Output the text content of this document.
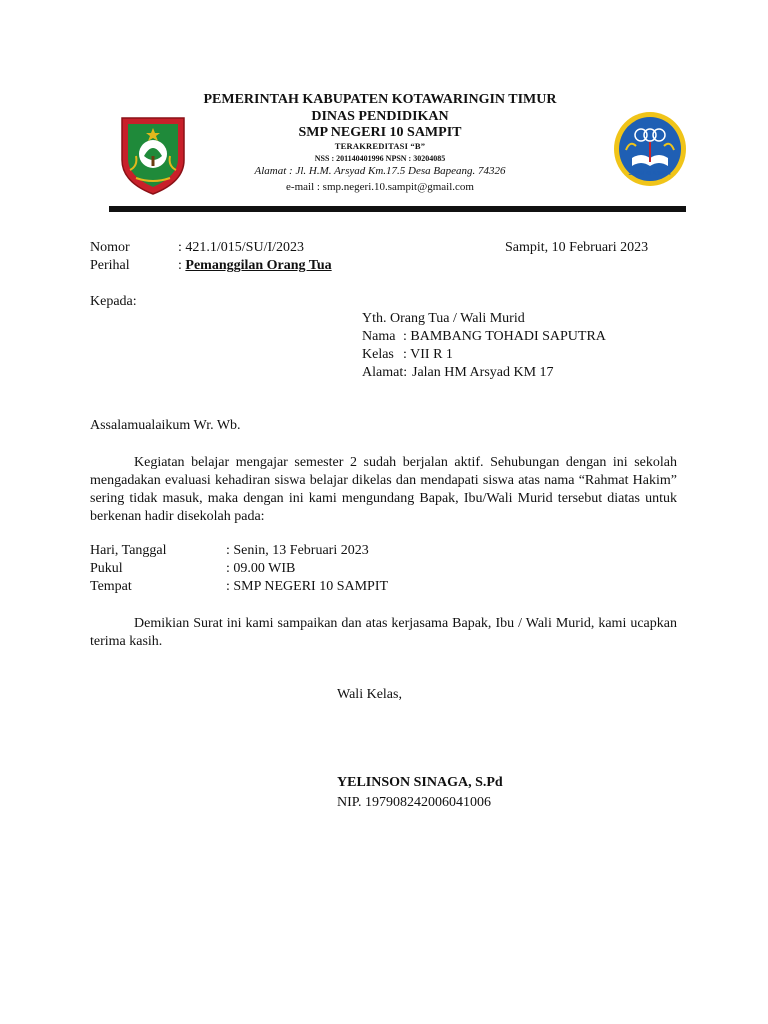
SMP N 10 SAMPIT
PEMERINTAH KABUPATEN KOTAWARINGIN TIMUR
DINAS PENDIDIKAN
SMP NEGERI 10 SAMPIT
TERAKREDITASI “B”
NSS : 201140401996 NPSN : 30204085
Alamat : Jl. H.M. Arsyad Km.17.5 Desa Bapeang. 74326
e-mail : smp.negeri.10.sampit@gmail.com
Nomor	: 421.1/015/SU/I/2023	Sampit, 10 Februari 2023
Perihal	: Pemanggilan Orang Tua
Kepada:
Yth. Orang Tua / Wali Murid
Nama : BAMBANG TOHADI SAPUTRA
Kelas : VII R 1
Alamat: Jalan HM Arsyad KM 17
Assalamualaikum Wr. Wb.
Kegiatan belajar mengajar semester 2 sudah berjalan aktif. Sehubungan dengan ini sekolah mengadakan evaluasi kehadiran siswa belajar dikelas dan mendapati siswa atas nama “Rahmat Hakim” sering tidak masuk, maka dengan ini kami mengundang Bapak, Ibu/Wali Murid tersebut diatas untuk berkenan hadir disekolah pada:
Hari, Tanggal	: Senin, 13 Februari 2023
Pukul	: 09.00 WIB
Tempat	: SMP NEGERI 10 SAMPIT
Demikian Surat ini kami sampaikan dan atas kerjasama Bapak, Ibu / Wali Murid, kami ucapkan terima kasih.
Wali Kelas,
YELINSON SINAGA, S.Pd
NIP. 197908242006041006
